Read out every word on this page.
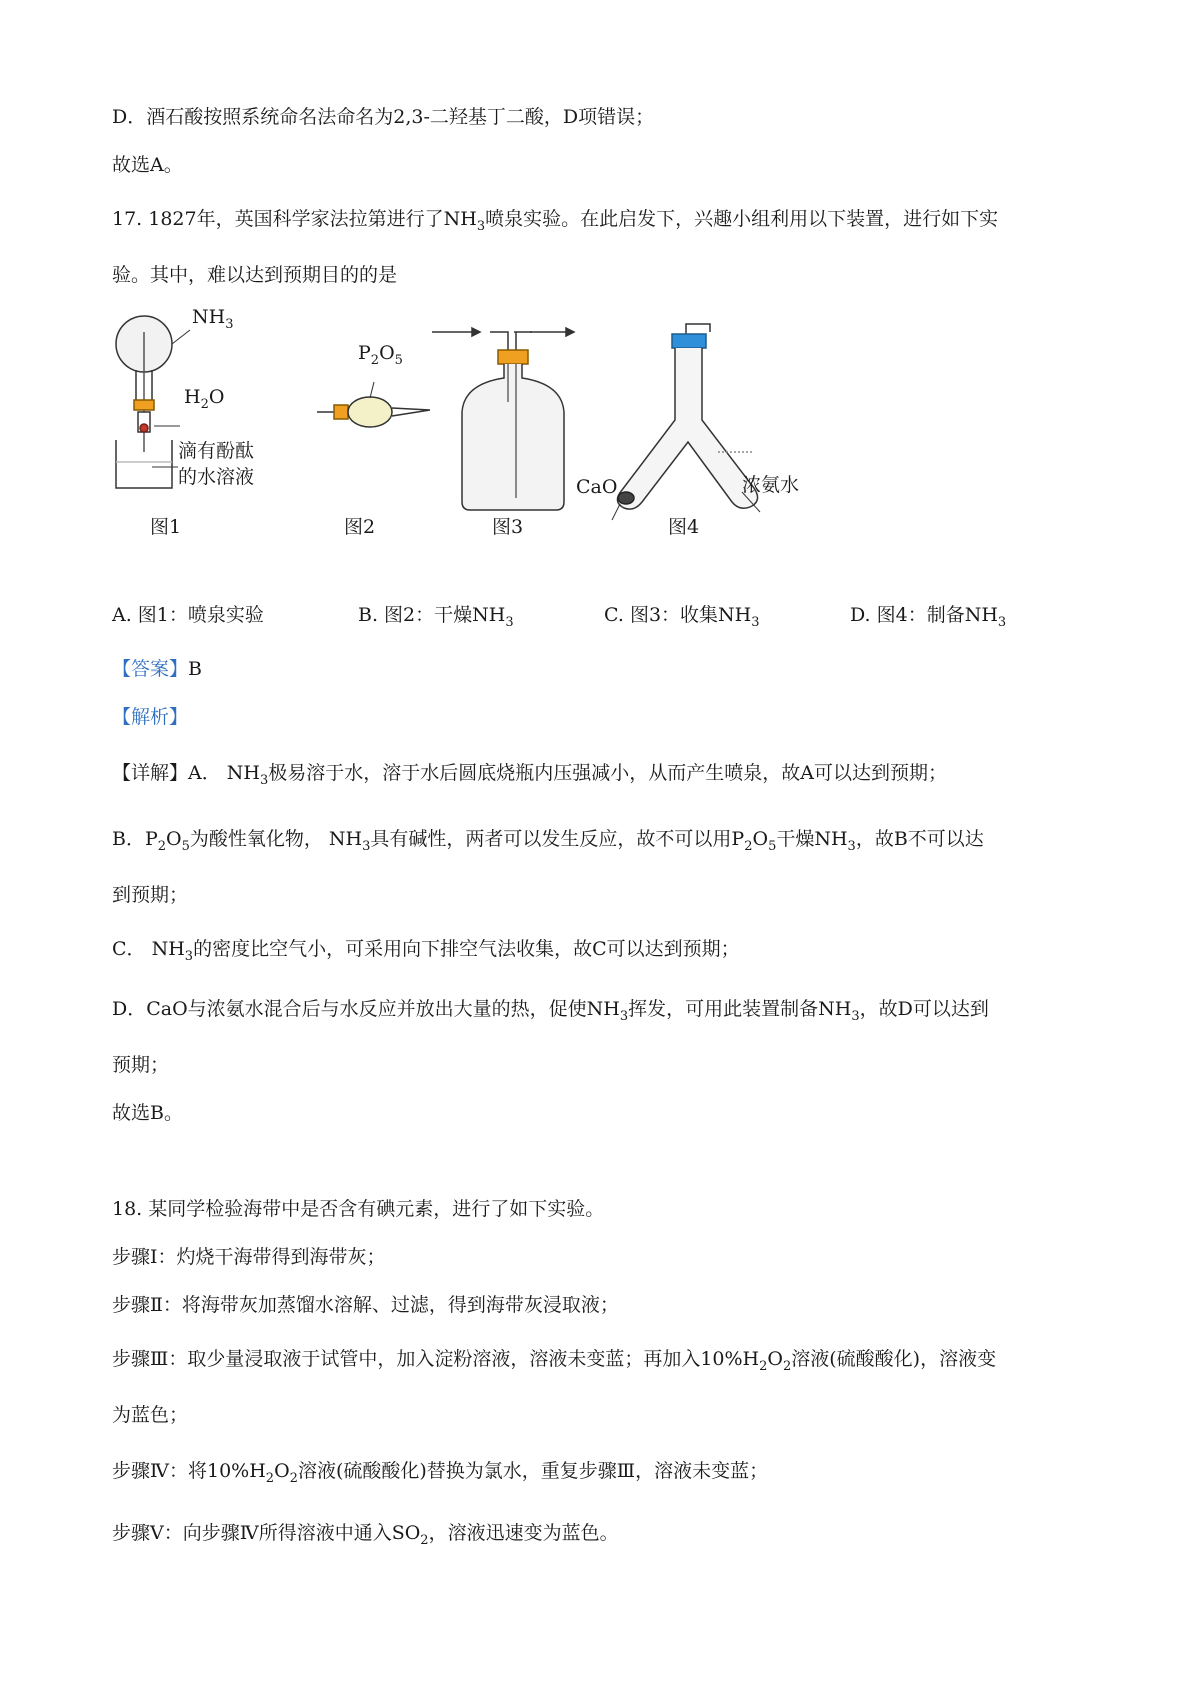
D．酒石酸按照系统命名法命名为2,3-二羟基丁二酸，D项错误；
故选A。
17. 1827年，英国科学家法拉第进行了$NH_3$喷泉实验。在此启发下，兴趣小组利用以下装置，进行如下实
验。其中，难以达到预期目的的是
$NH_3$
$H_2O$
滴有酚酞
的水溶液
图1
$P_2O_5$
图2	图3
CaO	浓氨水
图4
A. 图1：喷泉实验	B. 图2：干燥$NH_3$	C. 图3：收集$NH_3$	D. 图4：制备$NH_3$
【答案】B
【解析】
【详解】A． $NH_3$极易溶于水，溶于水后圆底烧瓶内压强减小，从而产生喷泉，故A可以达到预期；
B．$P_2O_5$为酸性氧化物， $NH_3$具有碱性，两者可以发生反应，故不可以用$P_2O_5$干燥$NH_3$，故B不可以达
到预期；
C． $NH_3$的密度比空气小，可采用向下排空气法收集，故C可以达到预期；
D．CaO与浓氨水混合后与水反应并放出大量的热，促使$NH_3$挥发，可用此装置制备$NH_3$，故D可以达到
预期；
故选B。
18. 某同学检验海带中是否含有碘元素，进行了如下实验。
步骤Ⅰ：灼烧干海带得到海带灰；
步骤Ⅱ：将海带灰加蒸馏水溶解、过滤，得到海带灰浸取液；
步骤Ⅲ：取少量浸取液于试管中，加入淀粉溶液，溶液未变蓝；再加入$10\%H_2O_2$溶液(硫酸酸化)，溶液变
为蓝色；
步骤Ⅳ：将$10\%H_2O_2$溶液(硫酸酸化)替换为氯水，重复步骤Ⅲ，溶液未变蓝；
步骤Ⅴ：向步骤Ⅳ所得溶液中通入$SO_2$，溶液迅速变为蓝色。
